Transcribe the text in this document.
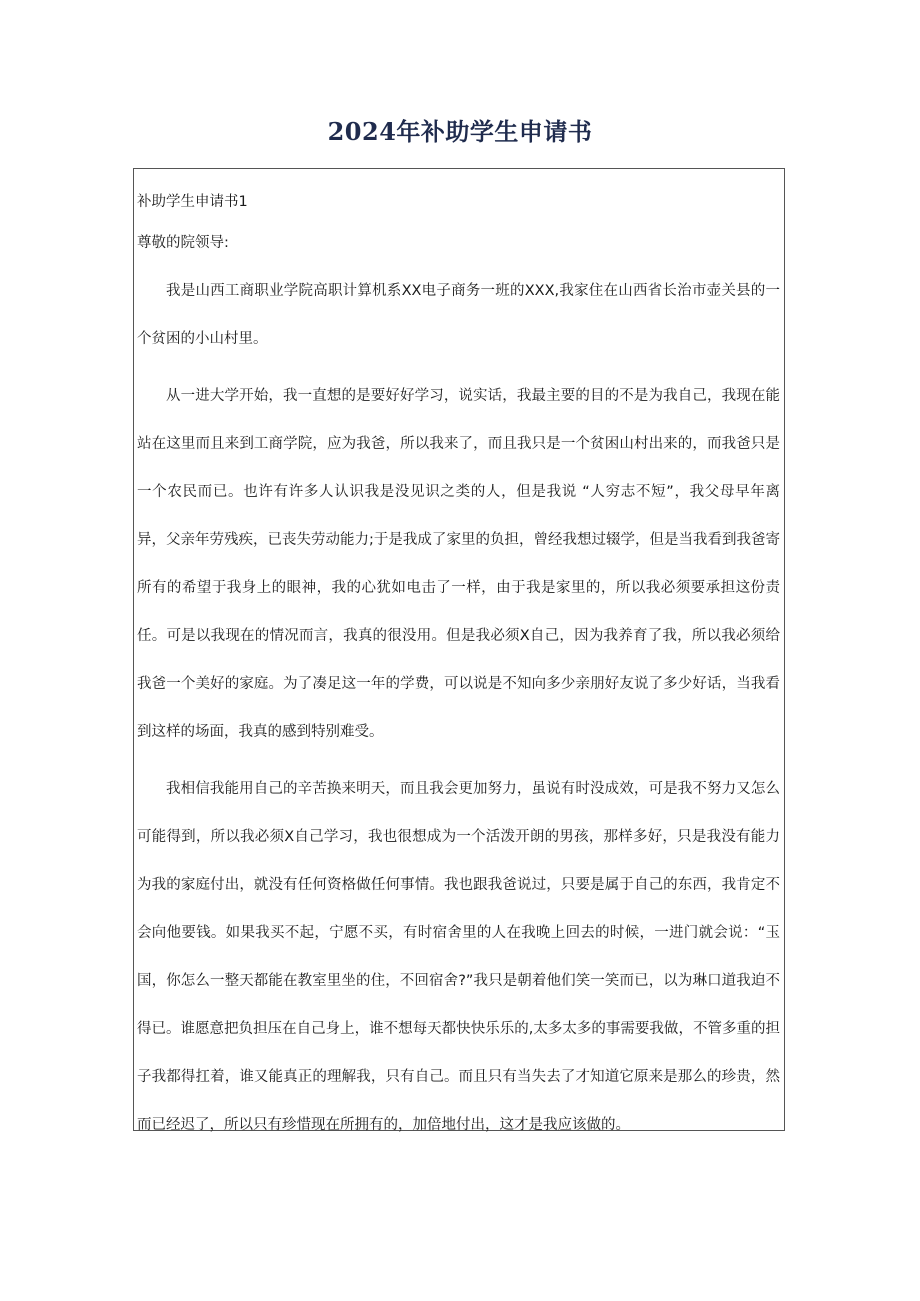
2024年补助学生申请书
补助学生申请书1
尊敬的院领导:

我是山西工商职业学院高职计算机系XX电子商务一班的XXX,我家住在山西省长治市壶关县的一个贫困的小山村里。

从一进大学开始，我一直想的是要好好学习，说实话，我最主要的目的不是为我自己，我现在能站在这里而且来到工商学院，应为我爸，所以我来了，而且我只是一个贫困山村出来的，而我爸只是一个农民而已。也许有许多人认识我是没见识之类的人，但是我说 “人穷志不短”，我父母早年离异，父亲年劳残疾，已丧失劳动能力;于是我成了家里的负担，曾经我想过辍学，但是当我看到我爸寄所有的希望于我身上的眼神，我的心犹如电击了一样，由于我是家里的，所以我必须要承担这份责任。可是以我现在的情况而言，我真的很没用。但是我必须X自己，因为我养育了我，所以我必须给我爸一个美好的家庭。为了凑足这一年的学费，可以说是不知向多少亲朋好友说了多少好话，当我看到这样的场面，我真的感到特别难受。

我相信我能用自己的辛苦换来明天，而且我会更加努力，虽说有时没成效，可是我不努力又怎么可能得到，所以我必须X自己学习，我也很想成为一个活泼开朗的男孩，那样多好，只是我没有能力为我的家庭付出，就没有任何资格做任何事情。我也跟我爸说过，只要是属于自己的东西，我肯定不会向他要钱。如果我买不起，宁愿不买，有时宿舍里的人在我晚上回去的时候，一进门就会说：“玉国，你怎么一整天都能在教室里坐的住，不回宿舍?”我只是朝着他们笑一笑而已，以为琳口道我迫不得已。谁愿意把负担压在自己身上，谁不想每天都快快乐乐的,太多太多的事需要我做，不管多重的担子我都得扛着，谁又能真正的理解我，只有自己。而且只有当失去了才知道它原来是那么的珍贵，然而已经迟了，所以只有珍惜现在所拥有的，加倍地付出，这才是我应该做的。
